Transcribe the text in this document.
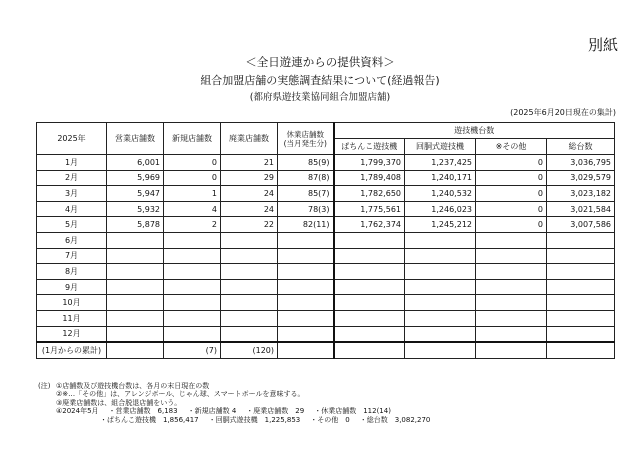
別紙
＜全日遊連からの提供資料＞
組合加盟店舗の実態調査結果について(経過報告)
(都府県遊技業協同組合加盟店舗)
(2025年6月20日現在の集計)
2025年	営業店舗数	新規店舗数	廃業店舗数	休業店舗数
(当月発生分)	遊技機台数			
					ぱちんこ遊技機	回胴式遊技機	※その他	総台数
1月	6,001	0	21	85(9)	1,799,370	1,237,425	0	3,036,795
2月	5,969	0	29	87(8)	1,789,408	1,240,171	0	3,029,579
3月	5,947	1	24	85(7)	1,782,650	1,240,532	0	3,023,182
4月	5,932	4	24	78(3)	1,775,561	1,246,023	0	3,021,584
5月	5,878	2	22	82(11)	1,762,374	1,245,212	0	3,007,586
6月								
7月								
8月								
9月								
10月								
11月								
12月								
(1月からの累計)		(7)	(120)					
(注) ①店舗数及び遊技機台数は、各月の末日現在の数
②※…「その他」は、アレンジボール、じゃん球、スマートボールを意味する。
③廃業店舗数は、組合脱退店舗をいう。
④2024年5月 ・営業店舗数　6,183 ・新規店舗数 4 ・廃業店舗数　29 ・休業店舗数　112(14)
・ぱちんこ遊技機　1,856,417 ・回胴式遊技機　1,225,853 ・その他　0 ・総台数　3,082,270
